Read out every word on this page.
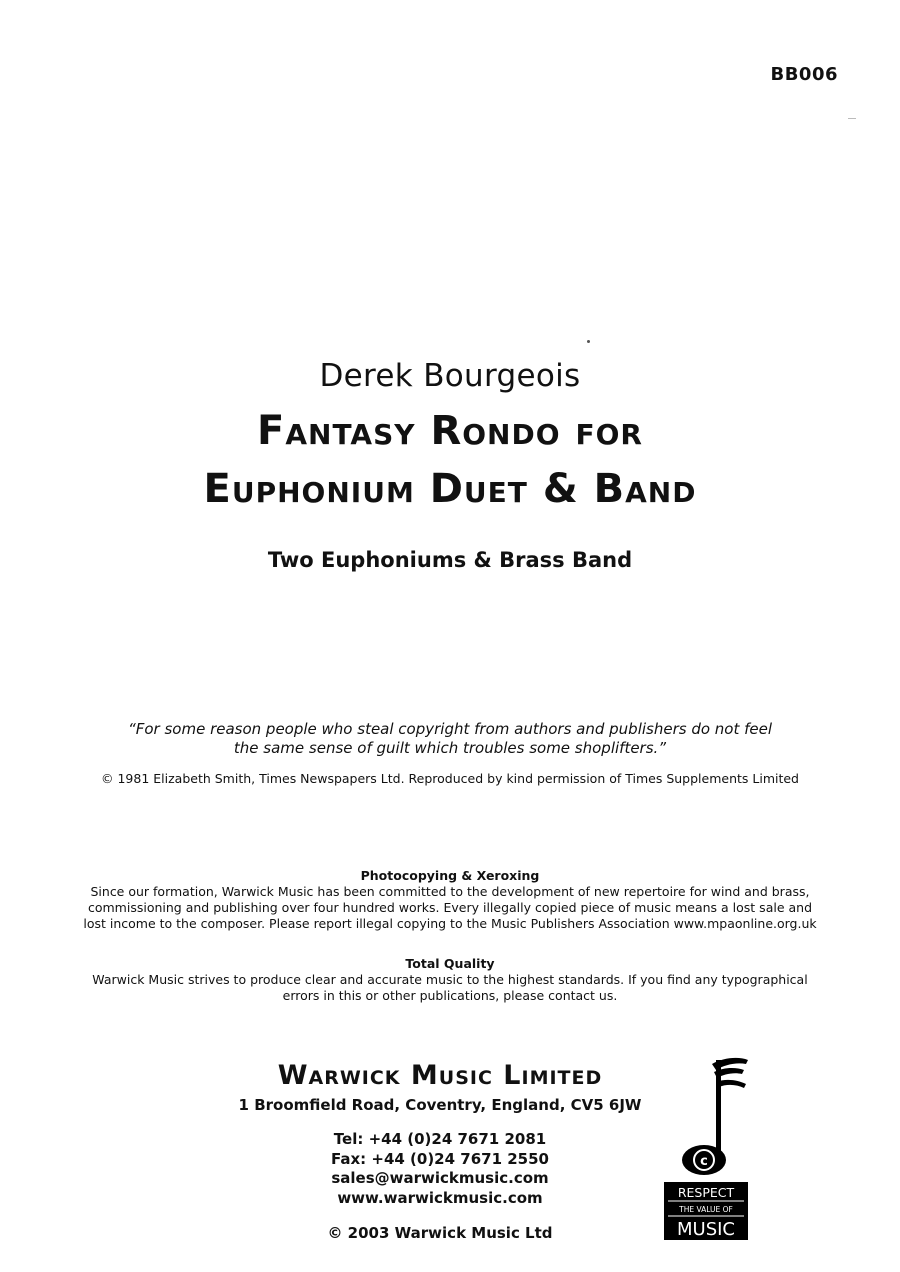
BB006
Derek Bourgeois
Fantasy Rondo for
Euphonium Duet & Band
Two Euphoniums & Brass Band
“For some reason people who steal copyright from authors and publishers do not feel
the same sense of guilt which troubles some shoplifters.”
© 1981 Elizabeth Smith, Times Newspapers Ltd. Reproduced by kind permission of Times Supplements Limited
Photocopying & Xeroxing
Since our formation, Warwick Music has been committed to the development of new repertoire for wind and brass,
commissioning and publishing over four hundred works. Every illegally copied piece of music means a lost sale and
lost income to the composer. Please report illegal copying to the Music Publishers Association www.mpaonline.org.uk
Total Quality
Warwick Music strives to produce clear and accurate music to the highest standards. If you find any typographical
errors in this or other publications, please contact us.
Warwick Music Limited
1 Broomfield Road, Coventry, England, CV5 6JW
Tel: +44 (0)24 7671 2081
Fax: +44 (0)24 7671 2550
sales@warwickmusic.com
www.warwickmusic.com
© 2003 Warwick Music Ltd
c
RESPECT
THE VALUE OF
MUSIC
